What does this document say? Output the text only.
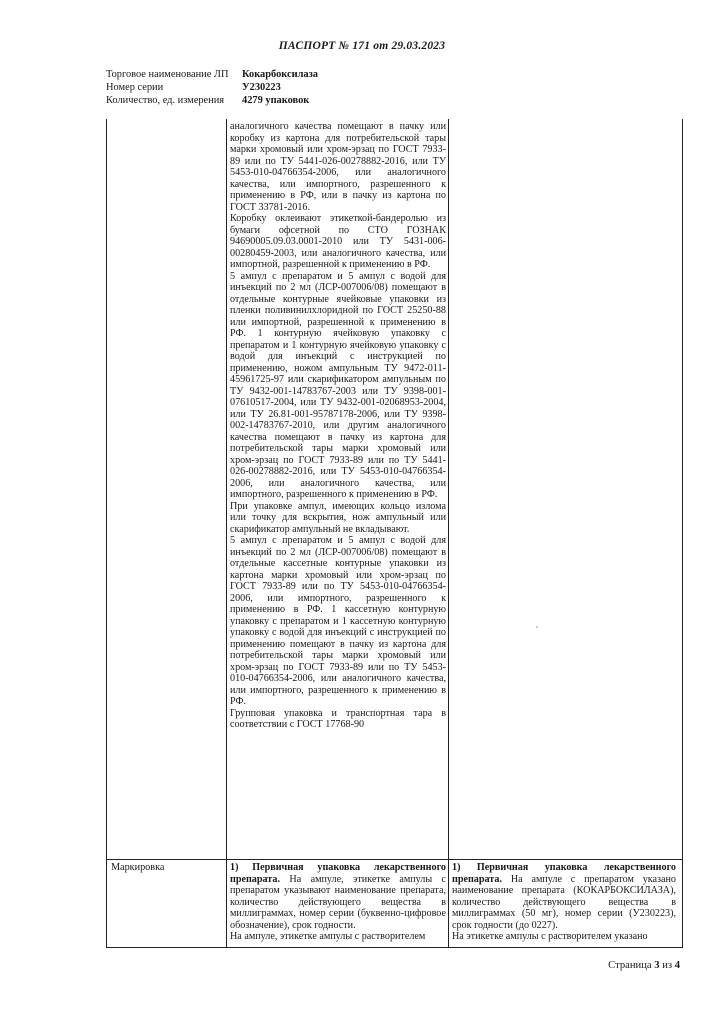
ПАСПОРТ № 171 от 29.03.2023
Торговое наименование ЛП Кокарбоксилаза
Номер серии	У230223
Количество, ед. измерения 4279 упаковок

аналогичного качества помещают в пачку или коробку из картона для потребительской тары марки хромовый или хром-эрзац по ГОСТ 7933-89 или по ТУ 5441-026-00278882-2016, или ТУ 5453-010-04766354-2006, или аналогичного качества, или импортного, разрешенного к применению в РФ, или в пачку из картона по ГОСТ 33781-2016.

Коробку оклеивают этикеткой-бандеролью из бумаги офсетной по СТО ГОЗНАК 94690005.09.03.0001-2010 или ТУ 5431-006-00280459-2003, или аналогичного качества, или импортной, разрешенной к применению в РФ.

5 ампул с препаратом и 5 ампул с водой для инъекций по 2 мл (ЛСР-007006/08) помещают в отдельные контурные ячейковые упаковки из пленки поливинилхлоридной по ГОСТ 25250-88 или импортной, разрешенной к применению в РФ. 1 контурную ячейковую упаковку с препаратом и 1 контурную ячейковую упаковку с водой для инъекций с инструкцией по применению, ножом ампульным ТУ 9472-011-45961725-97 или скарификатором ампульным по ТУ 9432-001-14783767-2003 или ТУ 9398-001-07610517-2004, или ТУ 9432-001-02068953-2004, или ТУ 26.81-001-95787178-2006, или ТУ 9398-002-14783767-2010, или другим аналогичного качества помещают в пачку из картона для потребительской тары марки хромовый или хром-эрзац по ГОСТ 7933-89 или по ТУ 5441-026-00278882-2016, или ТУ 5453-010-04766354-2006, или аналогичного качества, или импортного, разрешенного к применению в РФ.

При упаковке ампул, имеющих кольцо излома или точку для вскрытия, нож ампульный или скарификатор ампульный не вкладывают.

5 ампул с препаратом и 5 ампул с водой для инъекций по 2 мл (ЛСР-007006/08) помещают в отдельные кассетные контурные упаковки из картона марки хромовый или хром-эрзац по ГОСТ 7933-89 или по ТУ 5453-010-04766354-2006, или импортного, разрешенного к применению в РФ. 1 кассетную контурную упаковку с препаратом и 1 кассетную контурную упаковку с водой для инъекций с инструкцией по применению помещают в пачку из картона для потребительской тары марки хромовый или хром-эрзац по ГОСТ 7933-89 или по ТУ 5453-010-04766354-2006, или аналогичного качества, или импортного, разрешенного к применению в РФ.

Групповая упаковка и транспортная тара в соответствии с ГОСТ 17768-90

Маркировка	1) Первичная упаковка лекарственного препарата. На ампуле, этикетке ампулы с препаратом указывают наименование препарата, количество действующего вещества в миллиграммах, номер серии (буквенно-цифровое обозначение), срок годности.

На ампуле, этикетке ампулы с растворителем

1) Первичная упаковка лекарственного препарата. На ампуле с препаратом указано наименование препарата (КОКАРБОКСИЛАЗА), количество действующего вещества в миллиграммах (50 мг), номер серии (У230223), срок годности (до 0227).

На этикетке ампулы с растворителем указано

Страница 3 из 4
